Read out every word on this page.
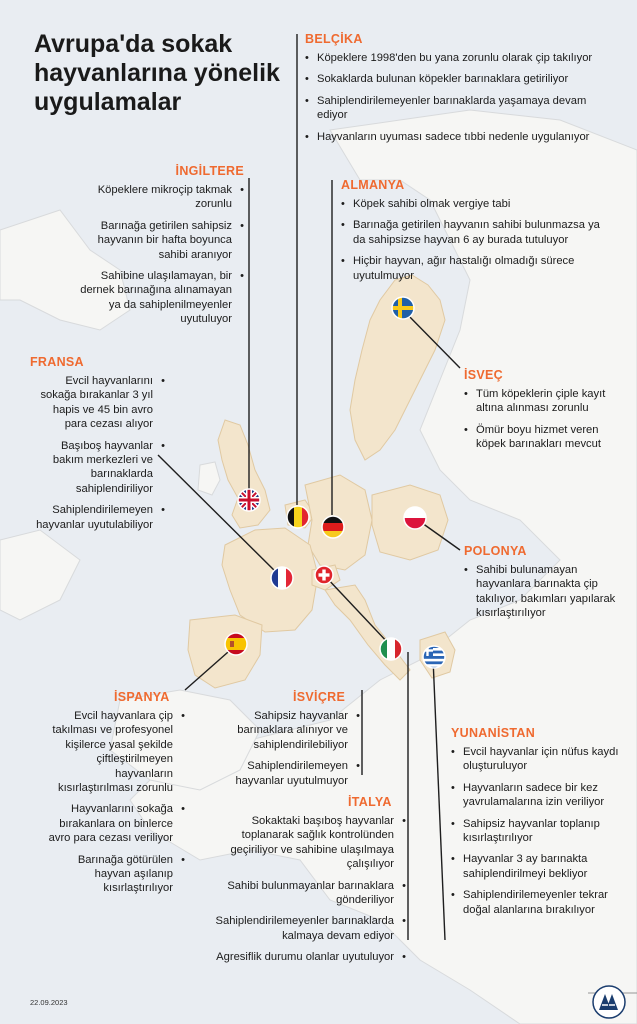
Avrupa'da sokak hayvanlarına yönelik uygulamalar
BELÇİKA
• Köpeklere 1998'den bu yana zorunlu olarak çip takılıyor
• Sokaklarda bulunan köpekler barınaklara getiriliyor
• Sahiplendirilemeyenler barınaklarda yaşamaya devam ediyor
• Hayvanların uyuması sadece tıbbi nedenle uygulanıyor
İNGİLTERE
Köpeklere mikroçip takmak zorunlu •
Barınağa getirilen sahipsiz hayvanın bir hafta boyunca sahibi aranıyor •
Sahibine ulaşılamayan, bir dernek barınağına alınamayan ya da sahiplenilmeyenler uyutuluyor •
ALMANYA
• Köpek sahibi olmak vergiye tabi
• Barınağa getirilen hayvanın sahibi bulunmazsa ya da sahipsizse hayvan 6 ay burada tutuluyor
• Hiçbir hayvan, ağır hastalığı olmadığı sürece uyutulmuyor
FRANSA
Evcil hayvanlarını sokağa bırakanlar 3 yıl hapis ve 45 bin avro para cezası alıyor •
Başıboş hayvanlar bakım merkezleri ve barınaklarda sahiplendiriliyor •
Sahiplendirilemeyen hayvanlar uyutulabiliyor •
İSVEÇ
• Tüm köpeklerin çiple kayıt altına alınması zorunlu
• Ömür boyu hizmet veren köpek barınakları mevcut
POLONYA
• Sahibi bulunamayan hayvanlara barınakta çip takılıyor, bakımları yapılarak kısırlaştırılıyor
İSPANYA
Evcil hayvanlara çip takılması ve profesyonel kişilerce yasal şekilde çiftleştirilmeyen hayvanların kısırlaştırılması zorunlu •
Hayvanlarını sokağa bırakanlara on binlerce avro para cezası veriliyor •
Barınağa götürülen hayvan aşılanıp kısırlaştırılıyor •
İSVİÇRE
Sahipsiz hayvanlar barınaklara alınıyor ve sahiplendirilebiliyor •
Sahiplendirilemeyen hayvanlar uyutulmuyor •
YUNANİSTAN
• Evcil hayvanlar için nüfus kaydı oluşturuluyor
• Hayvanların sadece bir kez yavrulamalarına izin veriliyor
• Sahipsiz hayvanlar toplanıp kısırlaştırılıyor
• Hayvanlar 3 ay barınakta sahiplendirilmeyi bekliyor
• Sahiplendirilemeyenler tekrar doğal alanlarına bırakılıyor
İTALYA
Sokaktaki başıboş hayvanlar toplanarak sağlık kontrolünden geçiriliyor ve sahibine ulaşılmaya çalışılıyor •
Sahibi bulunmayanlar barınaklara gönderiliyor •
Sahiplendirilemeyenler barınaklarda kalmaya devam ediyor •
Agresiflik durumu olanlar uyutuluyor •
22.09.2023
